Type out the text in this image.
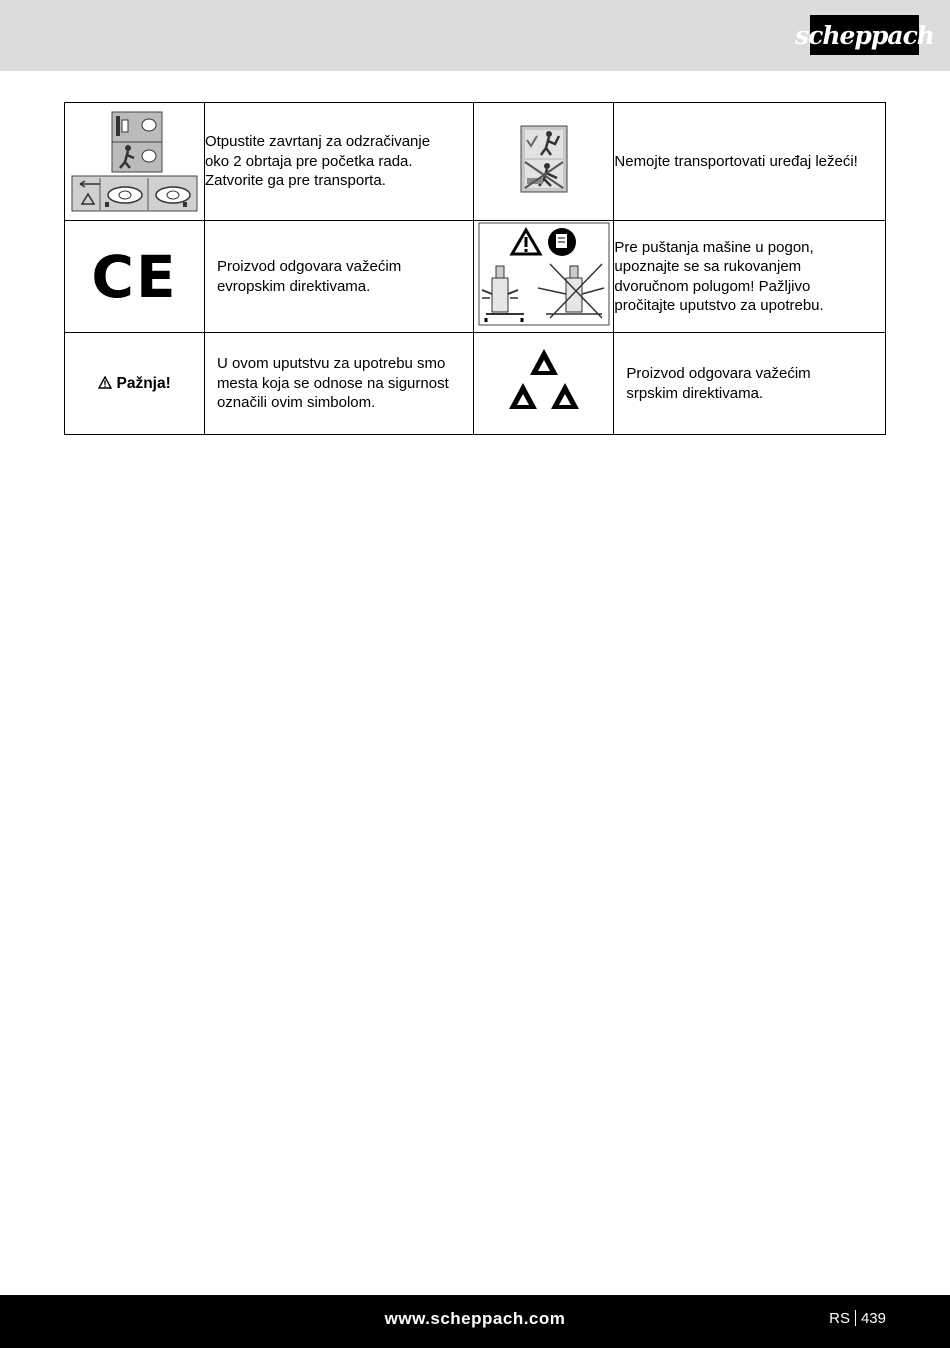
scheppach

Otpustite zavrtanj za odzračivanje
oko 2 obrtaja pre početka rada.
Zatvorite ga pre transporta.		Nemojte transportovati uređaj ležeći!

CE	Proizvod odgovara važećim
evropskim direktivama.		Pre puštanja mašine u pogon,
upoznajte se sa rukovanjem
dvoručnom polugom! Pažljivo
pročitajte uputstvo za upotrebu.

Pažnja!	U ovom uputstvu za upotrebu smo
mesta koja se odnose na sigurnost
označili ovim simbolom.		Proizvod odgovara važećim
srpskim direktivama.
www.scheppach.com	RS 439
